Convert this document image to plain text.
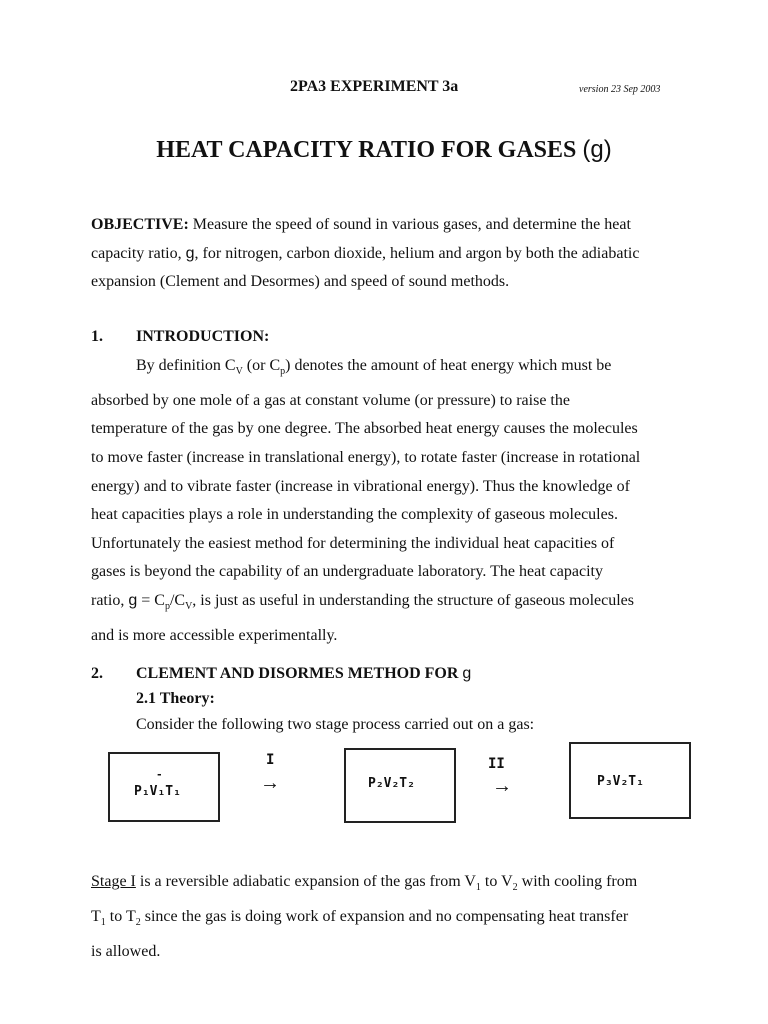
2PA3 EXPERIMENT 3a	version 23 Sep 2003
HEAT CAPACITY RATIO FOR GASES (g)
OBJECTIVE: Measure the speed of sound in various gases, and determine the heat
capacity ratio, g, for nitrogen, carbon dioxide, helium and argon by both the adiabatic
expansion (Clement and Desormes) and speed of sound methods.
1. INTRODUCTION:
By definition $C_V$ (or $C_p$) denotes the amount of heat energy which must be
absorbed by one mole of a gas at constant volume (or pressure) to raise the
temperature of the gas by one degree. The absorbed heat energy causes the molecules
to move faster (increase in translational energy), to rotate faster (increase in rotational
energy) and to vibrate faster (increase in vibrational energy). Thus the knowledge of
heat capacities plays a role in understanding the complexity of gaseous molecules.
Unfortunately the easiest method for determining the individual heat capacities of
gases is beyond the capability of an undergraduate laboratory. The heat capacity
ratio, $g = C_p/C_V$, is just as useful in understanding the structure of gaseous molecules
and is more accessible experimentally.
2. CLEMENT AND DISORMES METHOD FOR g
2.1 Theory:
Consider the following two stage process carried out on a gas:
-
P₁V₁T₁
I
→	P₂V₂T₂
II
→	P₃V₂T₁
Stage I is a reversible adiabatic expansion of the gas from $V_1$ to $V_2$ with cooling from
$T_1$ to $T_2$ since the gas is doing work of expansion and no compensating heat transfer
is allowed.
